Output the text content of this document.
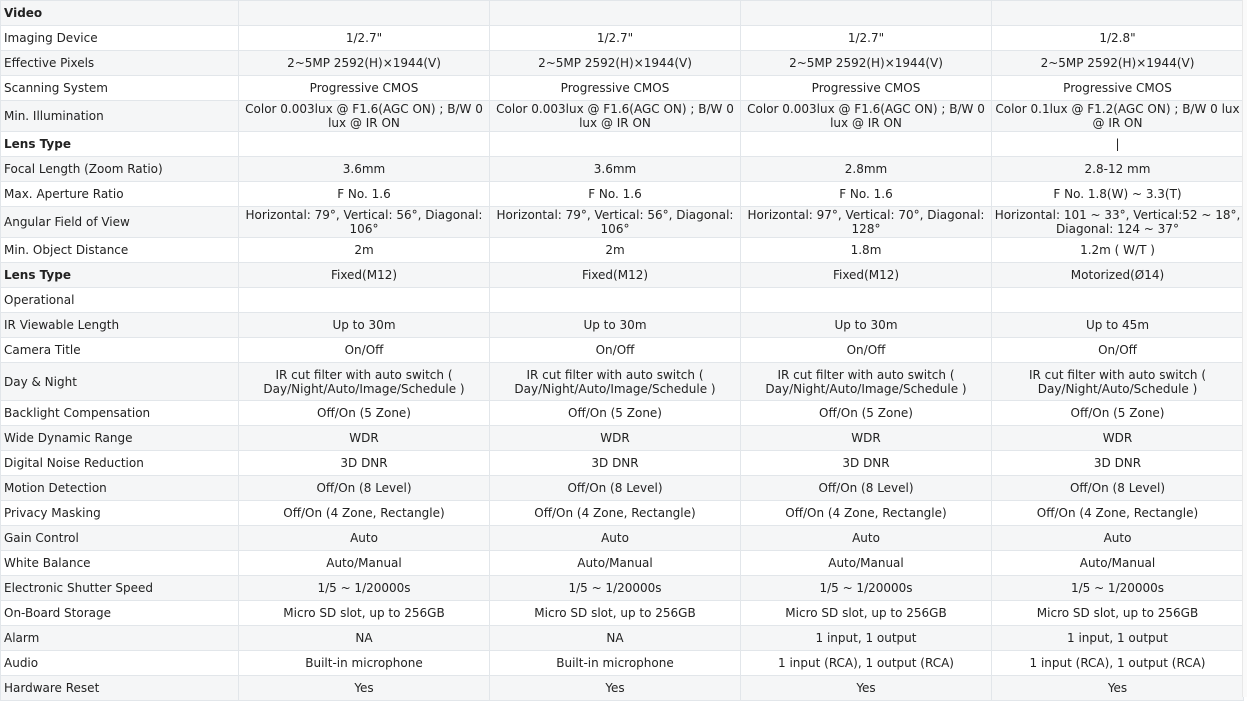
Video				
Imaging Device	1/2.7"	1/2.7"	1/2.7"	1/2.8"
Effective Pixels	2~5MP 2592(H)×1944(V)	2~5MP 2592(H)×1944(V)	2~5MP 2592(H)×1944(V)	2~5MP 2592(H)×1944(V)
Scanning System	Progressive CMOS	Progressive CMOS	Progressive CMOS	Progressive CMOS
Min. Illumination	Color 0.003lux @ F1.6(AGC ON) ; B/W 0 lux @ IR ON	Color 0.003lux @ F1.6(AGC ON) ; B/W 0 lux @ IR ON	Color 0.003lux @ F1.6(AGC ON) ; B/W 0 lux @ IR ON	Color 0.1lux @ F1.2(AGC ON) ; B/W 0 lux @ IR ON
Lens Type				|
Focal Length (Zoom Ratio)	3.6mm	3.6mm	2.8mm	2.8-12 mm
Max. Aperture Ratio	F No. 1.6	F No. 1.6	F No. 1.6	F No. 1.8(W) ~ 3.3(T)
Angular Field of View	Horizontal: 79°, Vertical: 56°, Diagonal: 106°	Horizontal: 79°, Vertical: 56°, Diagonal: 106°	Horizontal: 97°, Vertical: 70°, Diagonal: 128°	Horizontal: 101 ~ 33°, Vertical:52 ~ 18°, Diagonal: 124 ~ 37°
Min. Object Distance	2m	2m	1.8m	1.2m ( W/T )
Lens Type	Fixed(M12)	Fixed(M12)	Fixed(M12)	Motorized(Ø14)
Operational				
IR Viewable Length	Up to 30m	Up to 30m	Up to 30m	Up to 45m
Camera Title	On/Off	On/Off	On/Off	On/Off
Day & Night	IR cut filter with auto switch ( Day/Night/Auto/Image/Schedule )	IR cut filter with auto switch ( Day/Night/Auto/Image/Schedule )	IR cut filter with auto switch ( Day/Night/Auto/Image/Schedule )	IR cut filter with auto switch ( Day/Night/Auto/Schedule )
Backlight Compensation	Off/On (5 Zone)	Off/On (5 Zone)	Off/On (5 Zone)	Off/On (5 Zone)
Wide Dynamic Range	WDR	WDR	WDR	WDR
Digital Noise Reduction	3D DNR	3D DNR	3D DNR	3D DNR
Motion Detection	Off/On (8 Level)	Off/On (8 Level)	Off/On (8 Level)	Off/On (8 Level)
Privacy Masking	Off/On (4 Zone, Rectangle)	Off/On (4 Zone, Rectangle)	Off/On (4 Zone, Rectangle)	Off/On (4 Zone, Rectangle)
Gain Control	Auto	Auto	Auto	Auto
White Balance	Auto/Manual	Auto/Manual	Auto/Manual	Auto/Manual
Electronic Shutter Speed	1/5 ~ 1/20000s	1/5 ~ 1/20000s	1/5 ~ 1/20000s	1/5 ~ 1/20000s
On-Board Storage	Micro SD slot, up to 256GB	Micro SD slot, up to 256GB	Micro SD slot, up to 256GB	Micro SD slot, up to 256GB
Alarm	NA	NA	1 input, 1 output	1 input, 1 output
Audio	Built-in microphone	Built-in microphone	1 input (RCA), 1 output (RCA)	1 input (RCA), 1 output (RCA)
Hardware Reset	Yes	Yes	Yes	Yes
